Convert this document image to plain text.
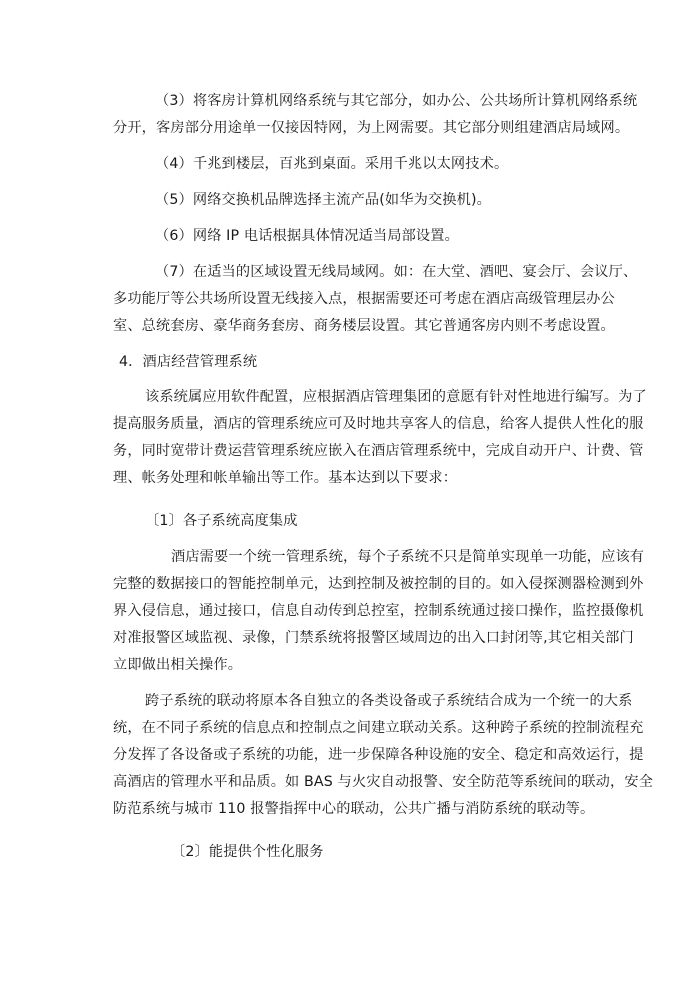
（3）将客房计算机网络系统与其它部分，如办公、公共场所计算机网络系统
分开，客房部分用途单一仅接因特网，为上网需要。其它部分则组建酒店局域网。
（4）千兆到楼层，百兆到桌面。采用千兆以太网技术。
（5）网络交换机品牌选择主流产品(如华为交换机)。
（6）网络 IP 电话根据具体情况适当局部设置。
（7）在适当的区域设置无线局域网。如：在大堂、酒吧、宴会厅、会议厅、
多功能厅等公共场所设置无线接入点，根据需要还可考虑在酒店高级管理层办公
室、总统套房、豪华商务套房、商务楼层设置。其它普通客房内则不考虑设置。
4．酒店经营管理系统
该系统属应用软件配置，应根据酒店管理集团的意愿有针对性地进行编写。为了
提高服务质量，酒店的管理系统应可及时地共享客人的信息，给客人提供人性化的服
务，同时宽带计费运营管理系统应嵌入在酒店管理系统中，完成自动开户、计费、管
理、帐务处理和帐单输出等工作。基本达到以下要求：
〔1〕各子系统高度集成
酒店需要一个统一管理系统，每个子系统不只是简单实现单一功能，应该有
完整的数据接口的智能控制单元，达到控制及被控制的目的。如入侵探测器检测到外
界入侵信息，通过接口，信息自动传到总控室，控制系统通过接口操作，监控摄像机
对准报警区域监视、录像，门禁系统将报警区域周边的出入口封闭等,其它相关部门
立即做出相关操作。
跨子系统的联动将原本各自独立的各类设备或子系统结合成为一个统一的大系
统，在不同子系统的信息点和控制点之间建立联动关系。这种跨子系统的控制流程充
分发挥了各设备或子系统的功能，进一步保障各种设施的安全、稳定和高效运行，提
高酒店的管理水平和品质。如 BAS 与火灾自动报警、安全防范等系统间的联动，安全
防范系统与城市 110 报警指挥中心的联动，公共广播与消防系统的联动等。
〔2〕能提供个性化服务
